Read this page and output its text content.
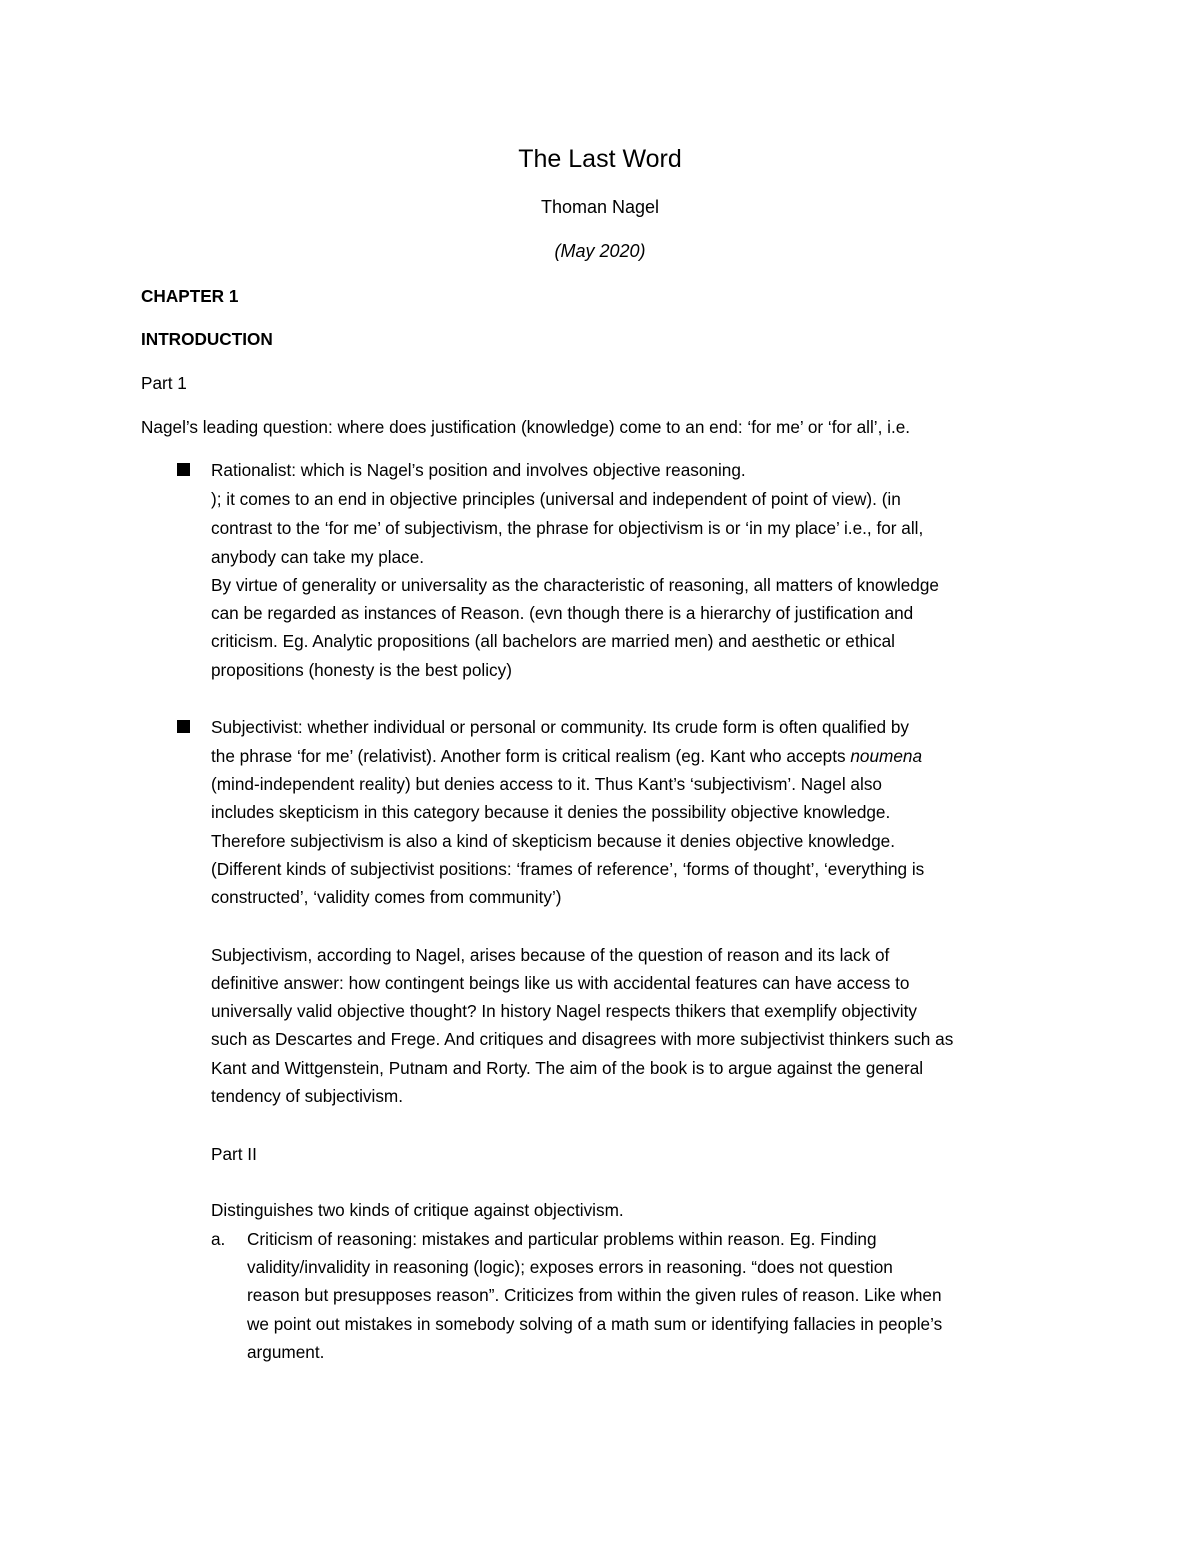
The Last Word
Thoman Nagel
(May 2020)
CHAPTER 1
INTRODUCTION
Part 1
Nagel’s leading question: where does justification (knowledge) come to an end: ‘for me’ or ‘for all’, i.e.
Rationalist: which is Nagel’s position and involves objective reasoning.
); it comes to an end in objective principles (universal and independent of point of view). (in
contrast to the ‘for me’ of subjectivism, the phrase for objectivism is or ‘in my place’ i.e., for all,
anybody can take my place.
By virtue of generality or universality as the characteristic of reasoning, all matters of knowledge
can be regarded as instances of Reason. (evn though there is a hierarchy of justification and
criticism. Eg. Analytic propositions (all bachelors are married men) and aesthetic or ethical
propositions (honesty is the best policy)
Subjectivist: whether individual or personal or community. Its crude form is often qualified by
the phrase ‘for me’ (relativist). Another form is critical realism (eg. Kant who accepts noumena
(mind-independent reality) but denies access to it. Thus Kant’s ‘subjectivism’. Nagel also
includes skepticism in this category because it denies the possibility objective knowledge.
Therefore subjectivism is also a kind of skepticism because it denies objective knowledge.
(Different kinds of subjectivist positions: ‘frames of reference’, ‘forms of thought’, ‘everything is
constructed’, ‘validity comes from community’)
Subjectivism, according to Nagel, arises because of the question of reason and its lack of
definitive answer: how contingent beings like us with accidental features can have access to
universally valid objective thought? In history Nagel respects thikers that exemplify objectivity
such as Descartes and Frege. And critiques and disagrees with more subjectivist thinkers such as
Kant and Wittgenstein, Putnam and Rorty. The aim of the book is to argue against the general
tendency of subjectivism.
Part II
Distinguishes two kinds of critique against objectivism.
a. Criticism of reasoning: mistakes and particular problems within reason. Eg. Finding
validity/invalidity in reasoning (logic); exposes errors in reasoning. “does not question
reason but presupposes reason”. Criticizes from within the given rules of reason. Like when
we point out mistakes in somebody solving of a math sum or identifying fallacies in people’s
argument.
